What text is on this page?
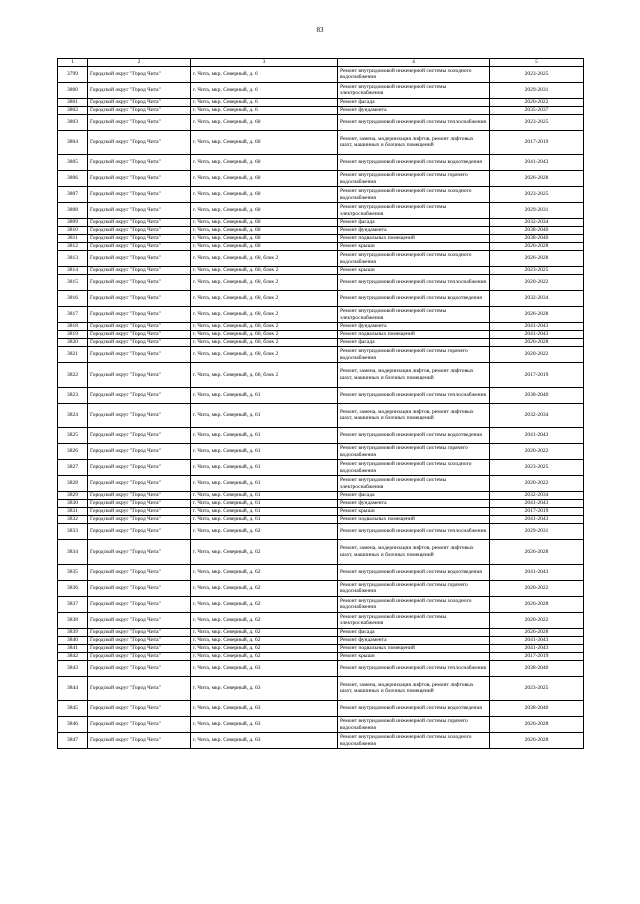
83
1	2	3	4	5
3799	Городской округ "Город Чита"	г. Чита, мкр. Северный, д. 6	Ремонт внутридомовой инженерной системы холодного водоснабжения	2023-2025
3800	Городской округ "Город Чита"	г. Чита, мкр. Северный, д. 6	Ремонт внутридомовой инженерной системы электроснабжения	2029-2031
3801	Городской округ "Город Чита"	г. Чита, мкр. Северный, д. 6	Ремонт фасада	2020-2022
3802	Городской округ "Город Чита"	г. Чита, мкр. Северный, д. 6	Ремонт фундамента	2035-2037
3803	Городской округ "Город Чита"	г. Чита, мкр. Северный, д. 60	Ремонт внутридомовой инженерной системы теплоснабжения	2023-2025
3804	Городской округ "Город Чита"	г. Чита, мкр. Северный, д. 60	Ремонт, замена, модернизация лифтов, ремонт лифтовых шахт, машинных и блочных помещений	2017-2019
3805	Городской округ "Город Чита"	г. Чита, мкр. Северный, д. 60	Ремонт внутридомовой инженерной системы водоотведения	2041-2043
3806	Городской округ "Город Чита"	г. Чита, мкр. Северный, д. 60	Ремонт внутридомовой инженерной системы горячего водоснабжения	2026-2028
3807	Городской округ "Город Чита"	г. Чита, мкр. Северный, д. 60	Ремонт внутридомовой инженерной системы холодного водоснабжения	2023-2025
3808	Городской округ "Город Чита"	г. Чита, мкр. Северный, д. 60	Ремонт внутридомовой инженерной системы электроснабжения	2029-2031
3809	Городской округ "Город Чита"	г. Чита, мкр. Северный, д. 60	Ремонт фасада	2032-2034
3810	Городской округ "Город Чита"	г. Чита, мкр. Северный, д. 60	Ремонт фундамента	2038-2040
3811	Городской округ "Город Чита"	г. Чита, мкр. Северный, д. 60	Ремонт подвальных помещений	2038-2040
3812	Городской округ "Город Чита"	г. Чита, мкр. Северный, д. 60	Ремонт крыши	2026-2028
3813	Городской округ "Город Чита"	г. Чита, мкр. Северный, д. 60, блок 2	Ремонт внутридомовой инженерной системы холодного водоснабжения	2026-2028
3814	Городской округ "Город Чита"	г. Чита, мкр. Северный, д. 60, блок 2	Ремонт крыши	2023-2025
3815	Городской округ "Город Чита"	г. Чита, мкр. Северный, д. 60, блок 2	Ремонт внутридомовой инженерной системы теплоснабжения	2020-2022
3816	Городской округ "Город Чита"	г. Чита, мкр. Северный, д. 60, блок 2	Ремонт внутридомовой инженерной системы водоотведения	2032-2034
3817	Городской округ "Город Чита"	г. Чита, мкр. Северный, д. 60, блок 2	Ремонт внутридомовой инженерной системы электроснабжения	2026-2028
3818	Городской округ "Город Чита"	г. Чита, мкр. Северный, д. 60, блок 2	Ремонт фундамента	2041-2043
3819	Городской округ "Город Чита"	г. Чита, мкр. Северный, д. 60, блок 2	Ремонт подвальных помещений	2041-2043
3820	Городской округ "Город Чита"	г. Чита, мкр. Северный, д. 60, блок 2	Ремонт фасада	2026-2028
3821	Городской округ "Город Чита"	г. Чита, мкр. Северный, д. 60, блок 2	Ремонт внутридомовой инженерной системы горячего водоснабжения	2020-2022
3822	Городской округ "Город Чита"	г. Чита, мкр. Северный, д. 60, блок 2	Ремонт, замена, модернизация лифтов, ремонт лифтовых шахт, машинных и блочных помещений	2017-2019
3823	Городской округ "Город Чита"	г. Чита, мкр. Северный, д. 61	Ремонт внутридомовой инженерной системы теплоснабжения	2038-2040
3824	Городской округ "Город Чита"	г. Чита, мкр. Северный, д. 61	Ремонт, замена, модернизация лифтов, ремонт лифтовых шахт, машинных и блочных помещений	2032-2034
3825	Городской округ "Город Чита"	г. Чита, мкр. Северный, д. 61	Ремонт внутридомовой инженерной системы водоотведения	2041-2043
3826	Городской округ "Город Чита"	г. Чита, мкр. Северный, д. 61	Ремонт внутридомовой инженерной системы горячего водоснабжения	2020-2022
3827	Городской округ "Город Чита"	г. Чита, мкр. Северный, д. 61	Ремонт внутридомовой инженерной системы холодного водоснабжения	2023-2025
3828	Городской округ "Город Чита"	г. Чита, мкр. Северный, д. 61	Ремонт внутридомовой инженерной системы электроснабжения	2020-2022
3829	Городской округ "Город Чита"	г. Чита, мкр. Северный, д. 61	Ремонт фасада	2032-2034
3830	Городской округ "Город Чита"	г. Чита, мкр. Северный, д. 61	Ремонт фундамента	2041-2043
3831	Городской округ "Город Чита"	г. Чита, мкр. Северный, д. 61	Ремонт крыши	2017-2019
3832	Городской округ "Город Чита"	г. Чита, мкр. Северный, д. 61	Ремонт подвальных помещений	2041-2043
3833	Городской округ "Город Чита"	г. Чита, мкр. Северный, д. 62	Ремонт внутридомовой инженерной системы теплоснабжения	2029-2031
3834	Городской округ "Город Чита"	г. Чита, мкр. Северный, д. 62	Ремонт, замена, модернизация лифтов, ремонт лифтовых шахт, машинных и блочных помещений	2026-2028
3835	Городской округ "Город Чита"	г. Чита, мкр. Северный, д. 62	Ремонт внутридомовой инженерной системы водоотведения	2041-2043
3836	Городской округ "Город Чита"	г. Чита, мкр. Северный, д. 62	Ремонт внутридомовой инженерной системы горячего водоснабжения	2020-2022
3837	Городской округ "Город Чита"	г. Чита, мкр. Северный, д. 62	Ремонт внутридомовой инженерной системы холодного водоснабжения	2026-2028
3838	Городской округ "Город Чита"	г. Чита, мкр. Северный, д. 62	Ремонт внутридомовой инженерной системы электроснабжения	2020-2022
3839	Городской округ "Город Чита"	г. Чита, мкр. Северный, д. 62	Ремонт фасада	2026-2028
3840	Городской округ "Город Чита"	г. Чита, мкр. Северный, д. 62	Ремонт фундамента	2041-2043
3841	Городской округ "Город Чита"	г. Чита, мкр. Северный, д. 62	Ремонт подвальных помещений	2041-2043
3842	Городской округ "Город Чита"	г. Чита, мкр. Северный, д. 62	Ремонт крыши	2017-2019
3843	Городской округ "Город Чита"	г. Чита, мкр. Северный, д. 63	Ремонт внутридомовой инженерной системы теплоснабжения	2038-2040
3844	Городской округ "Город Чита"	г. Чита, мкр. Северный, д. 63	Ремонт, замена, модернизация лифтов, ремонт лифтовых шахт, машинных и блочных помещений	2023-2025
3845	Городской округ "Город Чита"	г. Чита, мкр. Северный, д. 63	Ремонт внутридомовой инженерной системы водоотведения	2038-2040
3846	Городской округ "Город Чита"	г. Чита, мкр. Северный, д. 63	Ремонт внутридомовой инженерной системы горячего водоснабжения	2026-2028
3847	Городской округ "Город Чита"	г. Чита, мкр. Северный, д. 63	Ремонт внутридомовой инженерной системы холодного водоснабжения	2026-2028
